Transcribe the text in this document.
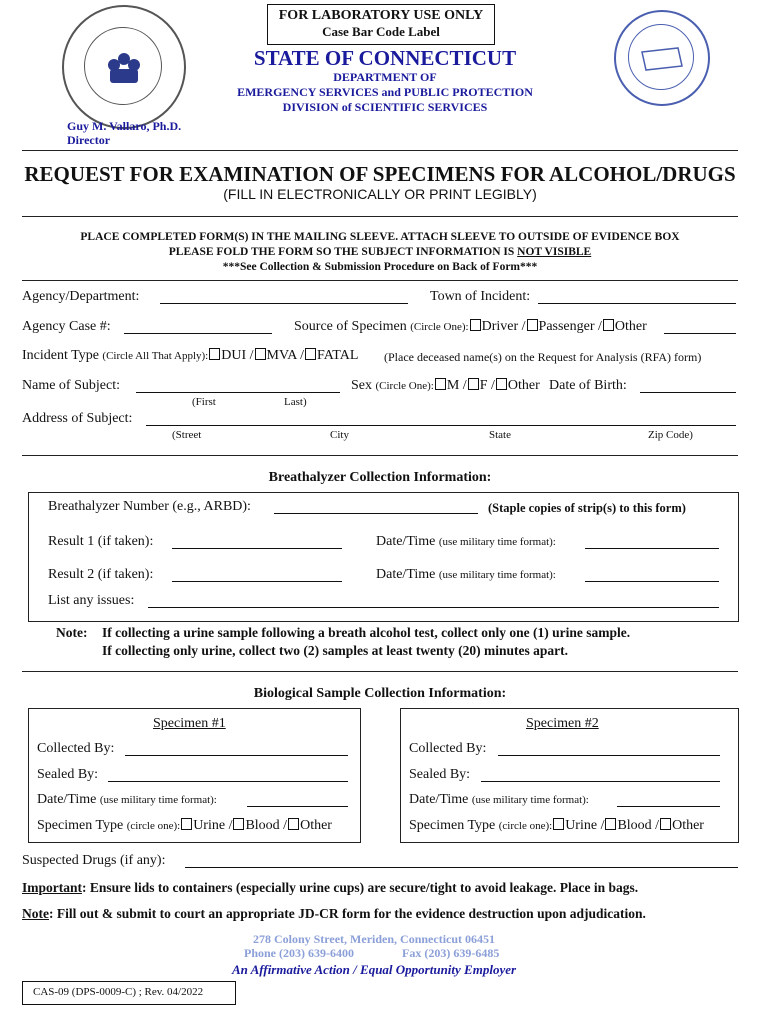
FOR LABORATORY USE ONLY
Case Bar Code Label
STATE OF CONNECTICUT
DEPARTMENT OF
EMERGENCY SERVICES and PUBLIC PROTECTION
DIVISION of SCIENTIFIC SERVICES
Guy M. Vallaro, Ph.D.
Director
REQUEST FOR EXAMINATION OF SPECIMENS FOR ALCOHOL/DRUGS
(FILL IN ELECTRONICALLY OR PRINT LEGIBLY)
PLACE COMPLETED FORM(S) IN THE MAILING SLEEVE. ATTACH SLEEVE TO OUTSIDE OF EVIDENCE BOX
PLEASE FOLD THE FORM SO THE SUBJECT INFORMATION IS NOT VISIBLE
***See Collection & Submission Procedure on Back of Form***
Agency/Department:	Town of Incident:
Agency Case #:	Source of Specimen (Circle One): Driver / Passenger / Other
Incident Type (Circle All That Apply): DUI / MVA / FATAL (Place deceased name(s) on the Request for Analysis (RFA) form)
Name of Subject:
(First	Last)
Sex (Circle One): M / F / Other Date of Birth:
Address of Subject:
(Street	City	State	Zip Code)
Breathalyzer Collection Information:
Breathalyzer Number (e.g., ARBD):	(Staple copies of strip(s) to this form)
Result 1 (if taken):	Date/Time (use military time format):
Result 2 (if taken):	Date/Time (use military time format):
List any issues:
Note: If collecting a urine sample following a breath alcohol test, collect only one (1) urine sample.
If collecting only urine, collect two (2) samples at least twenty (20) minutes apart.
Biological Sample Collection Information:
Specimen #1	Specimen #2
Collected By:	Collected By:
Sealed By:	Sealed By:
Date/Time (use military time format):	Date/Time (use military time format):
Specimen Type (circle one): Urine / Blood / Other	Specimen Type (circle one): Urine / Blood / Other
Suspected Drugs (if any):
Important: Ensure lids to containers (especially urine cups) are secure/tight to avoid leakage. Place in bags.
Note: Fill out & submit to court an appropriate JD-CR form for the evidence destruction upon adjudication.
278 Colony Street, Meriden, Connecticut 06451
Phone (203) 639-6400	Fax (203) 639-6485
An Affirmative Action / Equal Opportunity Employer
CAS-09 (DPS-0009-C) ; Rev. 04/2022
